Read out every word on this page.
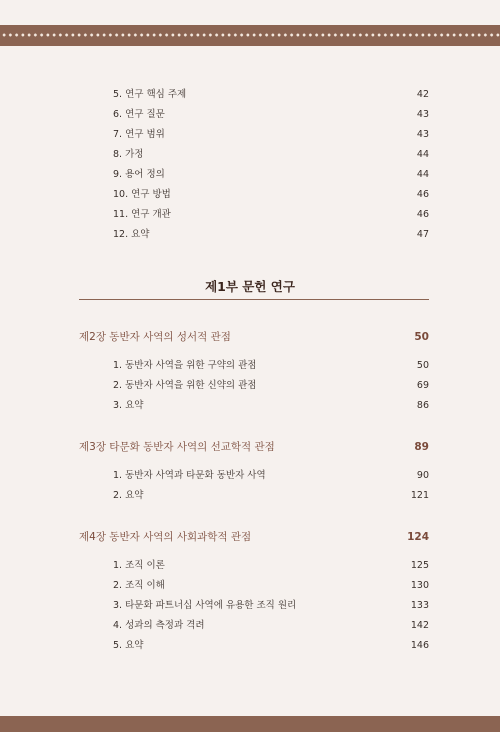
5. 연구 핵심 주제	42
6. 연구 질문	43
7. 연구 범위	43
8. 가정	44
9. 용어 정의	44
10. 연구 방법	46
11. 연구 개관	46
12. 요약	47
제1부 문헌 연구
제2장 동반자 사역의 성서적 관점	50
1. 동반자 사역을 위한 구약의 관점	50
2. 동반자 사역을 위한 신약의 관점	69
3. 요약	86
제3장 타문화 동반자 사역의 선교학적 관점	89
1. 동반자 사역과 타문화 동반자 사역	90
2. 요약	121
제4장 동반자 사역의 사회과학적 관점	124
1. 조직 이론	125
2. 조직 이해	130
3. 타문화 파트너십 사역에 유용한 조직 원리	133
4. 성과의 측정과 격려	142
5. 요약	146
